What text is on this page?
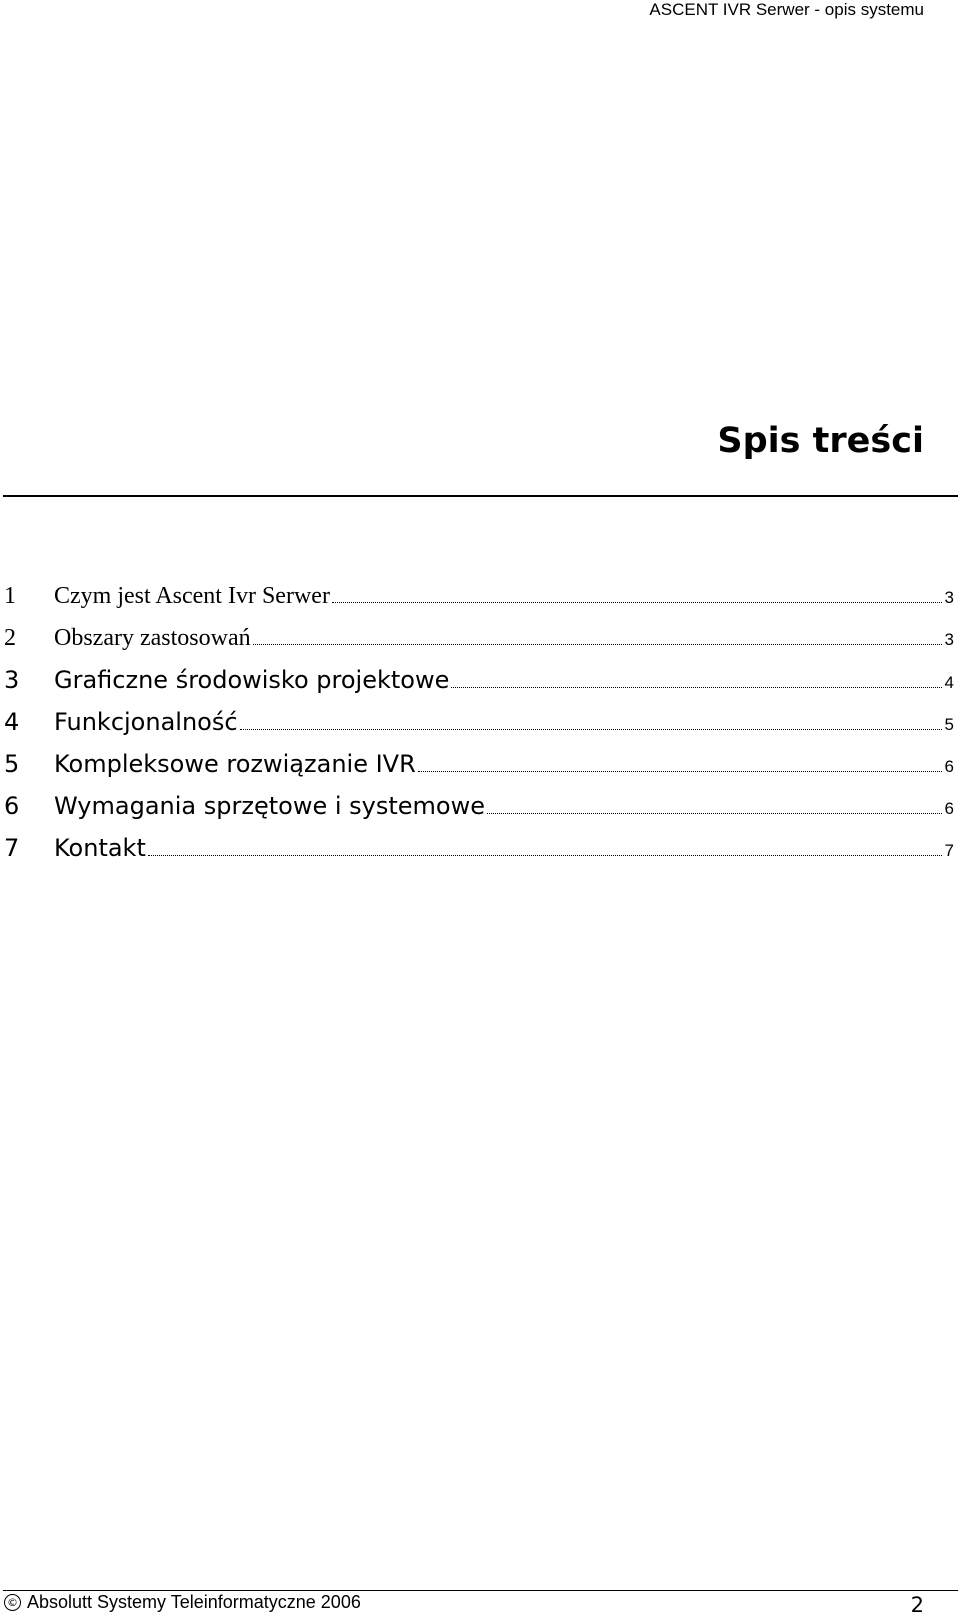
ASCENT IVR Serwer - opis systemu
Spis treści
1	Czym jest Ascent Ivr Serwer	3
2	Obszary zastosowań	3
3	Graficzne środowisko projektowe	4
4	Funkcjonalność	5
5	Kompleksowe rozwiązanie IVR	6
6	Wymagania sprzętowe i systemowe	6
7	Kontakt	7
© Absolutt Systemy Teleinformatyczne 2006	2
